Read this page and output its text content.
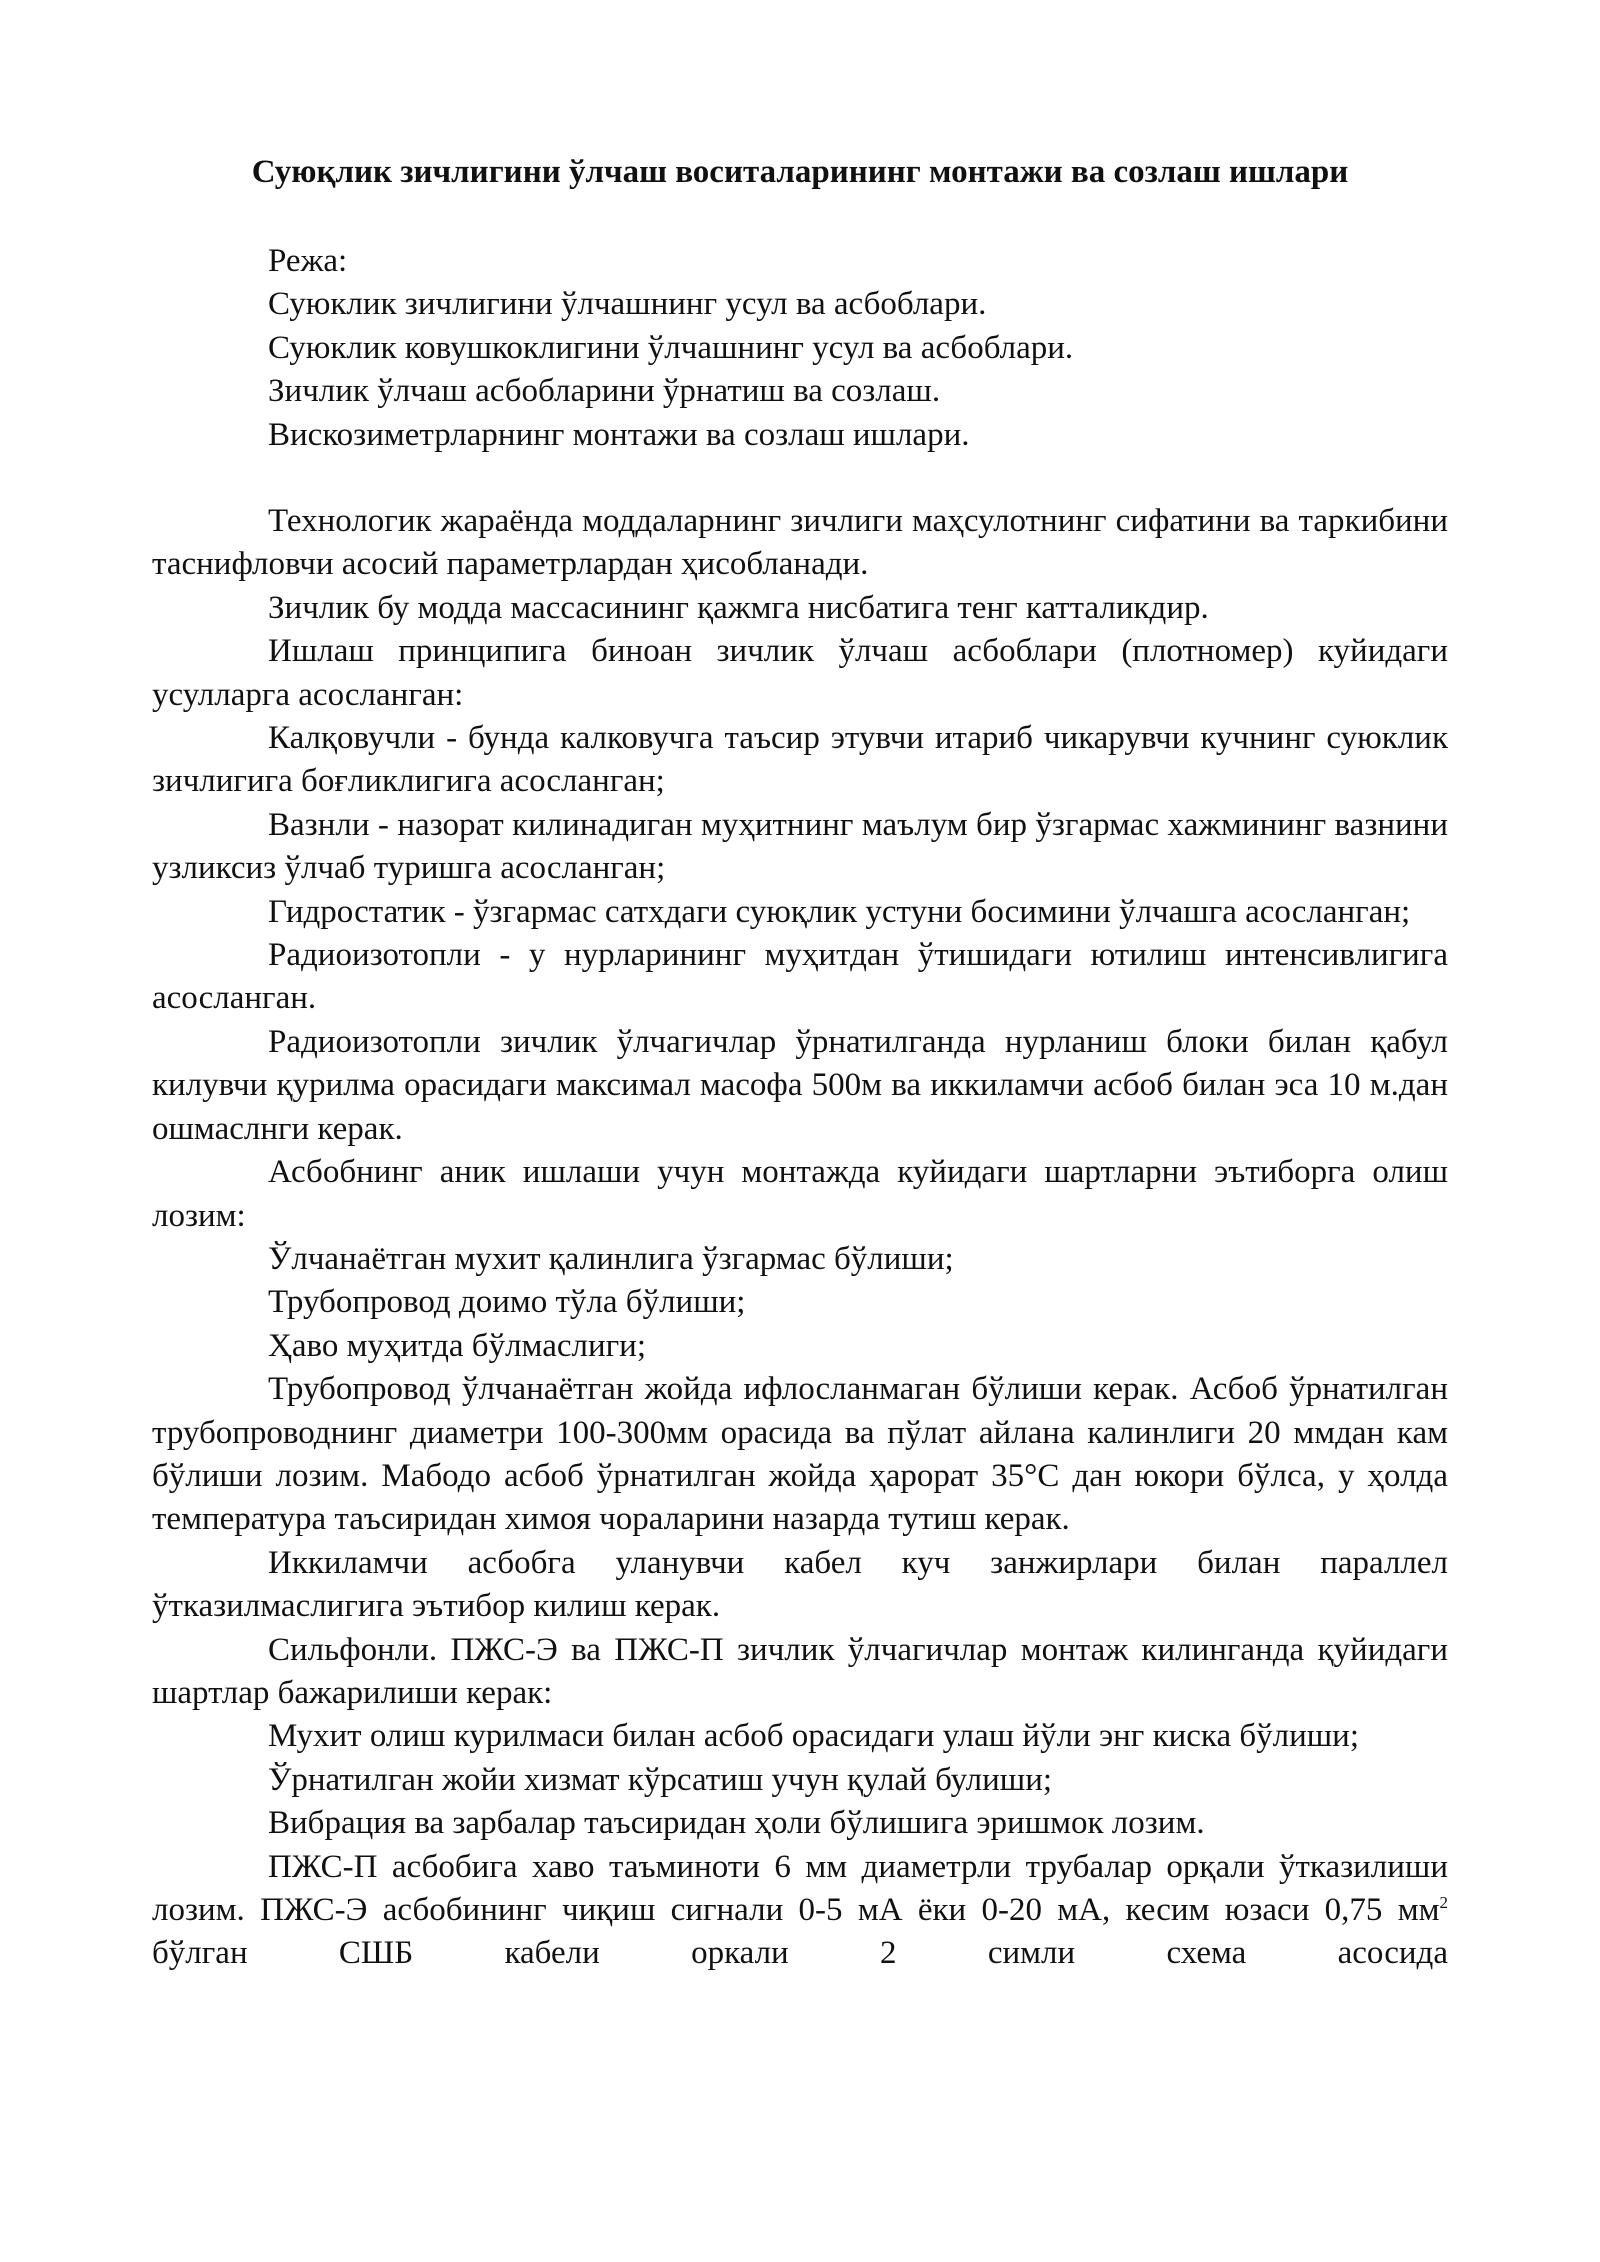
Суюқлик зичлигини ўлчаш воситаларининг монтажи ва созлаш ишлари
Режа:
Суюклик зичлигини ўлчашнинг усул ва асбоблари.
Суюклик ковушкоклигини ўлчашнинг усул ва асбоблари.
Зичлик ўлчаш асбобларини ўрнатиш ва созлаш.
Вискозиметрларнинг монтажи ва созлаш ишлари.

Технологик жараёнда моддаларнинг зичлиги маҳсулотнинг сифатини ва таркибини таснифловчи асосий параметрлардан ҳисобланади.

Зичлик бу модда массасининг қажмга нисбатига тенг катталикдир.

Ишлаш принципига биноан зичлик ўлчаш асбоблари (плотномер) куйидаги усулларга асосланган:

Калқовучли - бунда калковучга таъсир этувчи итариб чикарувчи кучнинг суюклик зичлигига боғликлигига асосланган;

Вазнли - назорат килинадиган муҳитнинг маълум бир ўзгармас хажмининг вазнини узликсиз ўлчаб туришга асосланган;

Гидростатик - ўзгармас сатхдаги суюқлик устуни босимини ўлчашга асосланган;

Радиоизотопли - у нурларининг муҳитдан ўтишидаги ютилиш интенсивлигига асосланган.

Радиоизотопли зичлик ўлчагичлар ўрнатилганда нурланиш блоки билан қабул килувчи қурилма орасидаги максимал масофа 500м ва иккиламчи асбоб билан эса 10 м.дан ошмаслнги керак.

Асбобнинг аник ишлаши учун монтажда куйидаги шартларни эътиборга олиш лозим:

Ўлчанаётган мухит қалинлига ўзгармас бўлиши;

Трубопровод доимо тўла бўлиши;

Ҳаво муҳитда бўлмаслиги;

Трубопровод ўлчанаётган жойда ифлосланмаган бўлиши керак. Асбоб ўрнатилган трубопроводнинг диаметри 100-300мм орасида ва пўлат айлана калинлиги 20 ммдан кам бўлиши лозим. Мабодо асбоб ўрнатилган жойда ҳарорат 35°С дан юкори бўлса, у ҳолда температура таъсиридан химоя чораларини назарда тутиш керак.

Иккиламчи асбобга уланувчи кабел куч занжирлари билан параллел ўтказилмаслигига эътибор килиш керак.

Сильфонли. ПЖС-Э ва ПЖС-П зичлик ўлчагичлар монтаж килинганда қуйидаги шартлар бажарилиши керак:

Мухит олиш курилмаси билан асбоб орасидаги улаш йўли энг киска бўлиши;

Ўрнатилган жойи хизмат кўрсатиш учун қулай булиши;

Вибрация ва зарбалар таъсиридан ҳоли бўлишига эришмок лозим.

ПЖС-П асбобига хаво таъминоти 6 мм диаметрли трубалар орқали ўтказилиши лозим. ПЖС-Э асбобининг чиқиш сигнали 0-5 мА ёки 0-20 мА, кесим юзаси 0,75 $мм^2$ бўлган СШБ кабели оркали 2 симли схема асосида
